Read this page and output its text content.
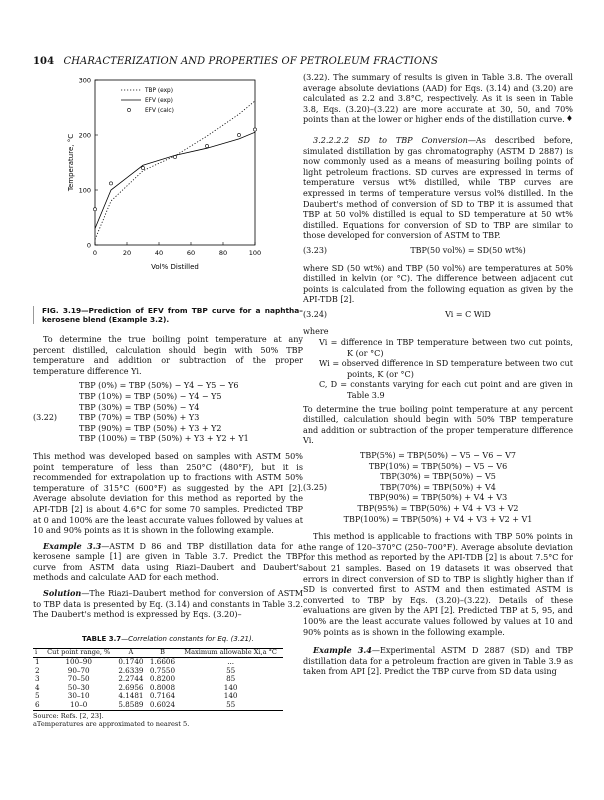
104 CHARACTERIZATION AND PROPERTIES OF PETROLEUM FRACTIONS
0	20	40	60	80	100
0
100
200
300
Vol% Distilled
Temperature, °C
TBP (exp)
EFV (exp)
EFV (calc)
FIG. 3.19—Prediction of EFV from TBP curve for a naphtha–kerosene blend (Example 3.2).

To determine the true boiling point temperature at any percent distilled, calculation should begin with 50% TBP temperature and addition or subtraction of the proper temperature difference Yi.

(3.22)
TBP (0%) = TBP (50%) − Y4 − Y5 − Y6
TBP (10%) = TBP (50%) − Y4 − Y5
TBP (30%) = TBP (50%) − Y4
TBP (70%) = TBP (50%) + Y3
TBP (90%) = TBP (50%) + Y3 + Y2
TBP (100%) = TBP (50%) + Y3 + Y2 + Y1

This method was developed based on samples with ASTM 50% point temperature of less than 250°C (480°F), but it is recommended for extrapolation up to fractions with ASTM 50% temperature of 315°C (600°F) as suggested by the API [2]. Average absolute deviation for this method as reported by the API-TDB [2] is about 4.6°C for some 70 samples. Predicted TBP at 0 and 100% are the least accurate values followed by values at 10 and 90% points as it is shown in the following example.

Example 3.3—ASTM D 86 and TBP distillation data for a kerosene sample [1] are given in Table 3.7. Predict the TBP curve from ASTM data using Riazi–Daubert and Daubert's methods and calculate AAD for each method.

Solution—The Riazi–Daubert method for conversion of ASTM to TBP data is presented by Eq. (3.14) and constants in Table 3.2. The Daubert's method is expressed by Eqs. (3.20)–

TABLE 3.7—Correlation constants for Eq. (3.21).
i	Cut point range, %	A	B	Maximum allowable Xi,a °C
1	100–90	0.1740	1.6606	...
2	90–70	2.6339	0.7550	55
3	70–50	2.2744	0.8200	85
4	50–30	2.6956	0.8008	140
5	30–10	4.1481	0.7164	140
6	10–0	5.8589	0.6024	55
Source: Refs. [2, 23].
aTemperatures are approximated to nearest 5.

(3.22). The summary of results is given in Table 3.8. The overall average absolute deviations (AAD) for Eqs. (3.14) and (3.20) are calculated as 2.2 and 3.8°C, respectively. As it is seen in Table 3.8, Eqs. (3.20)–(3.22) are more accurate at 30, 50, and 70% points than at the lower or higher ends of the distillation curve. ♦

3.2.2.2.2 SD to TBP Conversion—As described before, simulated distillation by gas chromatography (ASTM D 2887) is now commonly used as a means of measuring boiling points of light petroleum fractions. SD curves are expressed in terms of temperature versus wt% distilled, while TBP curves are expressed in terms of temperature versus vol% distilled. In the Daubert's method of conversion of SD to TBP it is assumed that TBP at 50 vol% distilled is equal to SD temperature at 50 wt% distilled. Equations for conversion of SD to TBP are similar to those developed for conversion of ASTM to TBP.

(3.23)	TBP(50 vol%) = SD(50 wt%)

where SD (50 wt%) and TBP (50 vol%) are temperatures at 50% distilled in kelvin (or °C). The difference between adjacent cut points is calculated from the following equation as given by the API-TDB [2].

(3.24)	Vi = C WiD
where
Vi = difference in TBP temperature between two cut points, K (or °C)
Wi = observed difference in SD temperature between two cut points, K (or °C)
C, D = constants varying for each cut point and are given in Table 3.9

To determine the true boiling point temperature at any percent distilled, calculation should begin with 50% TBP temperature and addition or subtraction of the proper temperature difference Vi.

(3.25)
TBP(5%) = TBP(50%) − V5 − V6 − V7
TBP(10%) = TBP(50%) − V5 − V6
TBP(30%) = TBP(50%) − V5
TBP(70%) = TBP(50%) + V4
TBP(90%) = TBP(50%) + V4 + V3
TBP(95%) = TBP(50%) + V4 + V3 + V2
TBP(100%) = TBP(50%) + V4 + V3 + V2 + V1

This method is applicable to fractions with TBP 50% points in the range of 120–370°C (250–700°F). Average absolute deviation for this method as reported by the API-TDB [2] is about 7.5°C for about 21 samples. Based on 19 datasets it was observed that errors in direct conversion of SD to TBP is slightly higher than if SD is converted first to ASTM and then estimated ASTM is converted to TBP by Eqs. (3.20)–(3.22). Details of these evaluations are given by the API [2]. Predicted TBP at 5, 95, and 100% are the least accurate values followed by values at 10 and 90% points as is shown in the following example.

Example 3.4—Experimental ASTM D 2887 (SD) and TBP distillation data for a petroleum fraction are given in Table 3.9 as taken from API [2]. Predict the TBP curve from SD data using
